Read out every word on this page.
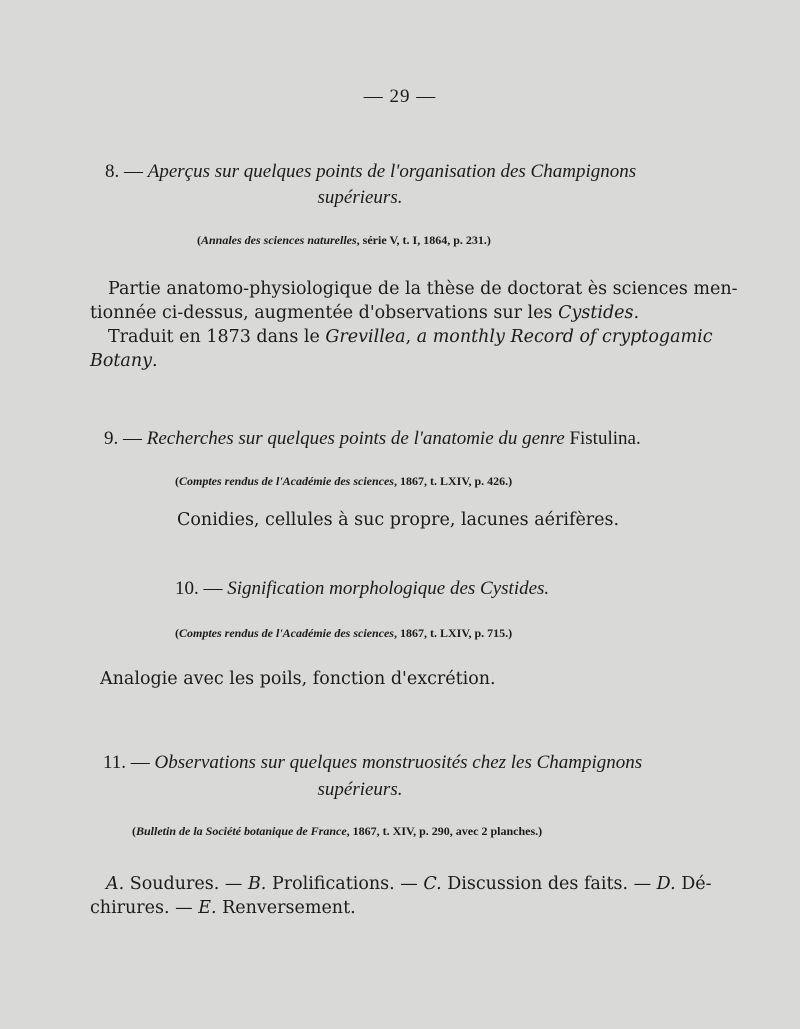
— 29 —
8. — Aperçus sur quelques points de l'organisation des Champignons
supérieurs.
(Annales des sciences naturelles, série V, t. I, 1864, p. 231.)
Partie anatomo-physiologique de la thèse de doctorat ès sciences men-
tionnée ci-dessus, augmentée d'observations sur les Cystides.
Traduit en 1873 dans le Grevillea, a monthly Record of cryptogamic
Botany.
9. — Recherches sur quelques points de l'anatomie du genre Fistulina.
(Comptes rendus de l'Académie des sciences, 1867, t. LXIV, p. 426.)
Conidies, cellules à suc propre, lacunes aérifères.
10. — Signification morphologique des Cystides.
(Comptes rendus de l'Académie des sciences, 1867, t. LXIV, p. 715.)
Analogie avec les poils, fonction d'excrétion.
11. — Observations sur quelques monstruosités chez les Champignons
supérieurs.
(Bulletin de la Société botanique de France, 1867, t. XIV, p. 290, avec 2 planches.)
A. Soudures. — B. Prolifications. — C. Discussion des faits. — D. Dé-
chirures. — E. Renversement.
